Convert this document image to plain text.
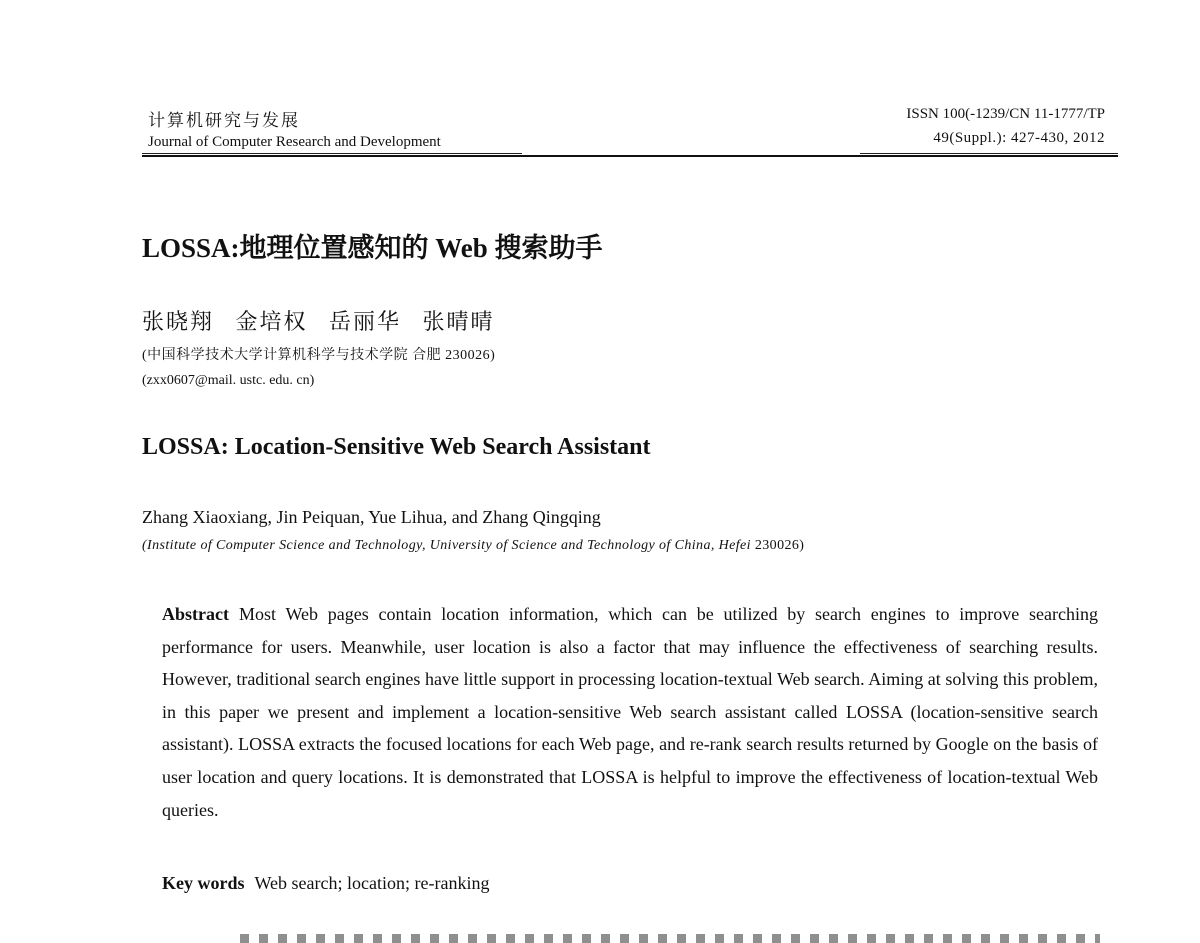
计算机研究与发展
Journal of Computer Research and Development
ISSN 100(-1239/CN 11-1777/TP
49(Suppl.): 427-430, 2012
LOSSA:地理位置感知的 Web 搜索助手
张晓翔 金培权 岳丽华 张晴晴
(中国科学技术大学计算机科学与技术学院 合肥 230026)
(zxx0607@mail. ustc. edu. cn)
LOSSA: Location-Sensitive Web Search Assistant
Zhang Xiaoxiang, Jin Peiquan, Yue Lihua, and Zhang Qingqing
(Institute of Computer Science and Technology, University of Science and Technology of China, Hefei 230026)
Abstract Most Web pages contain location information, which can be utilized by search engines to improve searching performance for users. Meanwhile, user location is also a factor that may influence the effectiveness of searching results. However, traditional search engines have little support in processing location-textual Web search. Aiming at solving this problem, in this paper we present and implement a location-sensitive Web search assistant called LOSSA (location-sensitive search assistant). LOSSA extracts the focused locations for each Web page, and re-rank search results returned by Google on the basis of user location and query locations. It is demonstrated that LOSSA is helpful to improve the effectiveness of location-textual Web queries.
Key words Web search; location; re-ranking
